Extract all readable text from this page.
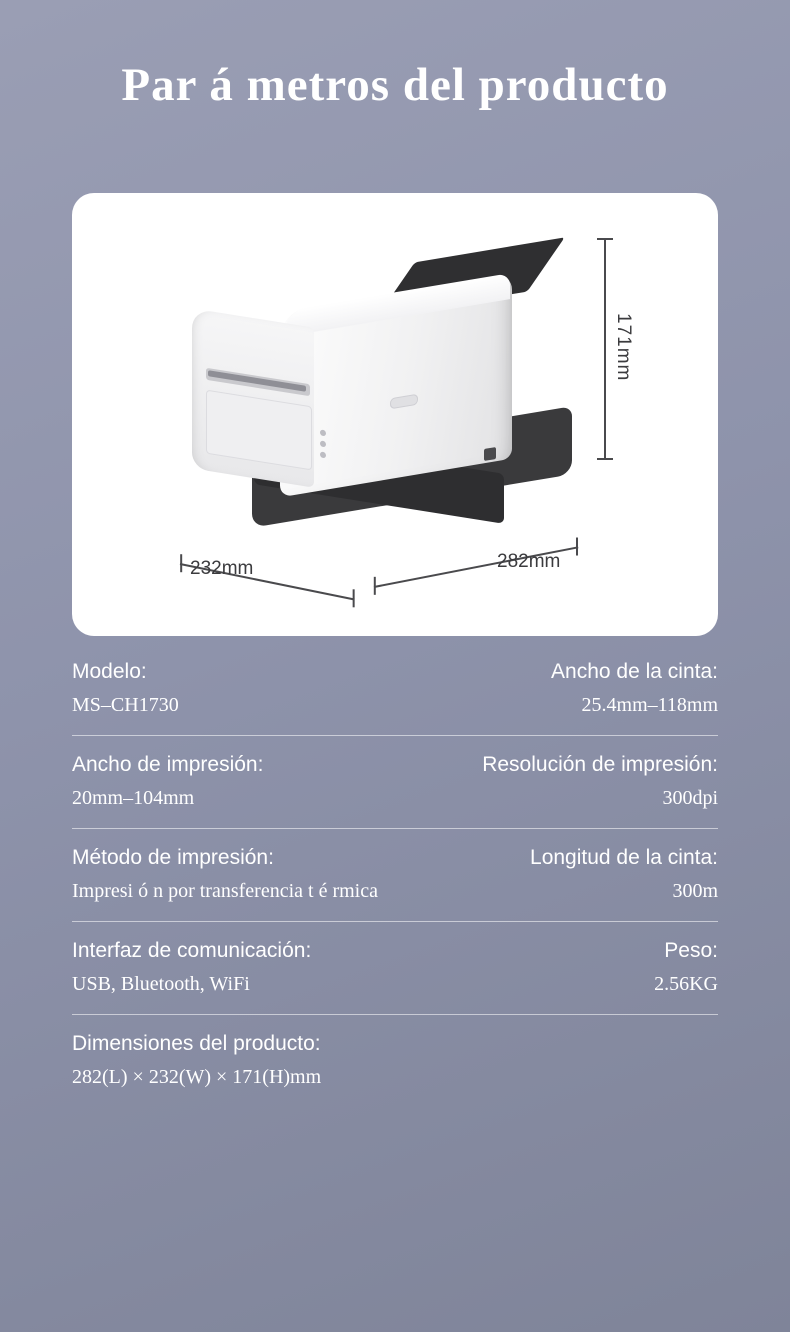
Par á metros del producto
171mm
232mm	282mm
Modelo:	Ancho de la cinta:
MS–CH1730	25.4mm–118mm
Ancho de impresión:	Resolución de impresión:
20mm–104mm	300dpi
Método de impresión:	Longitud de la cinta:
Impresi ó n por transferencia t é rmica	300m
Interfaz de comunicación:	Peso:
USB, Bluetooth, WiFi	2.56KG
Dimensiones del producto:
282(L) × 232(W) × 171(H)mm
